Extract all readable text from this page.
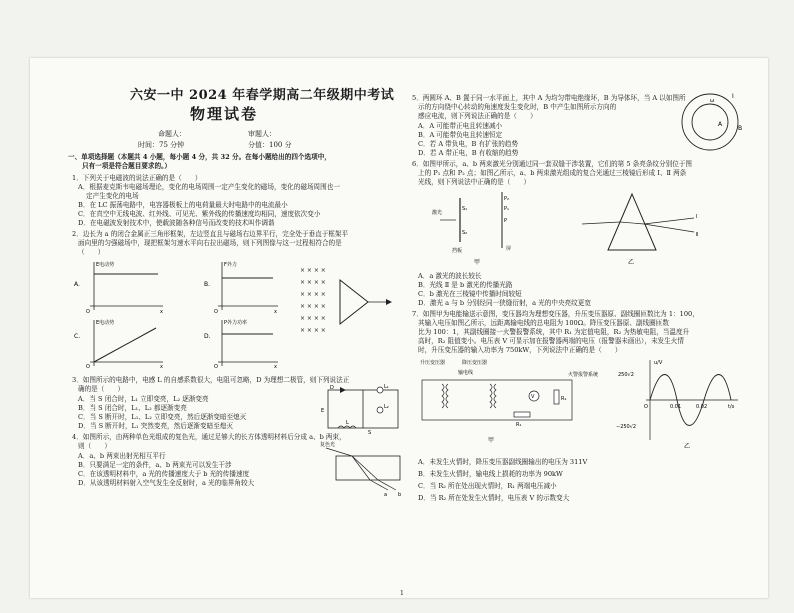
六安一中 2024 年春学期高二年级期中考试
物理试卷
命题人：	审题人：
时间：75 分钟	分值：100 分
一、单项选择题（本题共 4 小题，每小题 4 分，共 32 分。在每小题给出的四个选项中，
只有一项是符合题目要求的。）
1．下列关于电磁波的说法正确的是（　　）
A．根据麦克斯韦电磁场理论，变化的电场周围一定产生变化的磁场，变化的磁场周围也一
定产生变化的电场
B．在 LC 振荡电路中，电容器极板上的电荷量最大时电路中的电流最小
C．在真空中无线电波、红外线、可见光、紫外线的传播速度均相同，速度依次变小
D．在电磁波发射技术中，使载波随各种信号而改变的技术叫作调谐
2．边长为 a 的闭合金属正三角形框架，左边竖直且与磁场右边界平行，完全处于垂直于框架平
面向里的匀强磁场中，现把框架匀速水平向右拉出磁场，则下列图像与这一过程相符合的是
（　　）
A.
E电动势
x
O
B.
F外力
x
O
C.
E电动势
x
O
D.
P外力功率
x
O
× × × ×
× × × ×
× × × ×
× × × ×
× × × ×
× × × ×
3．如图所示的电路中，电感 L 的自感系数很大，电阻可忽略，D 为理想二极管，则下列说法正
确的是（　　）
A．当 S 闭合时，L₁ 立即变亮，L₂ 逐渐变亮
B．当 S 闭合时，L₁、L₂ 都逐渐变亮
C．当 S 断开时，L₁、L₂ 立即变亮，然后逐渐变暗至熄灭
D．当 S 断开时，L₁ 突然变亮，然后逐渐变暗至熄灭
D	L₁
L₂
L
E
S
4．如图所示，由两种单色光组成的复色光，通过足够大的长方体透明材料后分成 a、b 两束，
则（　　）
A．a、b 两束出射光相互平行
B．只要满足一定的条件，a、b 两束光可以发生干涉
C．在该透明材料中，a 光的传播速度大于 b 光的传播速度
D．从该透明材料射入空气发生全反射时，a 光的临界角较大
复色光
a b
5．两圆环 A、B 置于同一水平面上，其中 A 为均匀带电绝缘环，B 为导体环，当 A 以如图所
示的方向绕中心转动的角速度发生变化时，B 中产生如图所示方向的
感应电流，则下列说法正确的是（　　）
A．A 可能带正电且转速减小
B．A 可能带负电且转速恒定
C．若 A 带负电，B 有扩张的趋势
D．若 A 带正电，B 有收缩的趋势
B
A
I
ω
6．如图甲所示，a、b 两束激光分别通过同一套双缝干涉装置，它们的第 5 条亮条纹分别位于图
上的 P₁ 点和 P₂ 点；如图乙所示，a、b 两束激光组成的复合光通过三棱镜后形成 Ⅰ、Ⅱ 两条
光线，则下列说法中正确的是（　　）
激光
S₁
S₂
P₂
P₁
P
挡板	屏
甲
Ⅰ
Ⅱ
乙
A．a 激光的波长较长
B．光线 Ⅱ 是 b 激光的传播光路
C．b 激光在三棱镜中传播时间较短
D．激光 a 与 b 分别经同一狭缝衍射，a 光的中央亮纹更宽
7．如图甲为电能输送示意图，变压器均为理想变压器，升压变压器原、副线圈匝数比为 1：100，
其输入电压如图乙所示，远距离输电线的总电阻为 100Ω。降压变压器原、副线圈匝数
比为 100：1，其副线圈接一火警报警系统，其中 R₁ 为定值电阻，R₂ 为热敏电阻，当温度升
高时，R₂ 阻值变小。电压表 V 可显示加在报警器两端的电压（报警器未画出），未发生火情
时，升压变压器的输入功率为 750kW，下列说法中正确的是（　　）
升压变压器	降压变压器
输电线	火警报警系统
V
R₁
R₂
甲
u/V
t/s
250√2
−250√2
0.01	0.02
O
乙
A．未发生火情时，降压变压器副线圈输出的电压为 311V
B．未发生火情时，输电线上损耗的功率为 90kW
C．当 R₂ 所在处出现火情时，R₁ 两端电压减小
D．当 R₂ 所在处发生火情时，电压表 V 的示数变大
1
